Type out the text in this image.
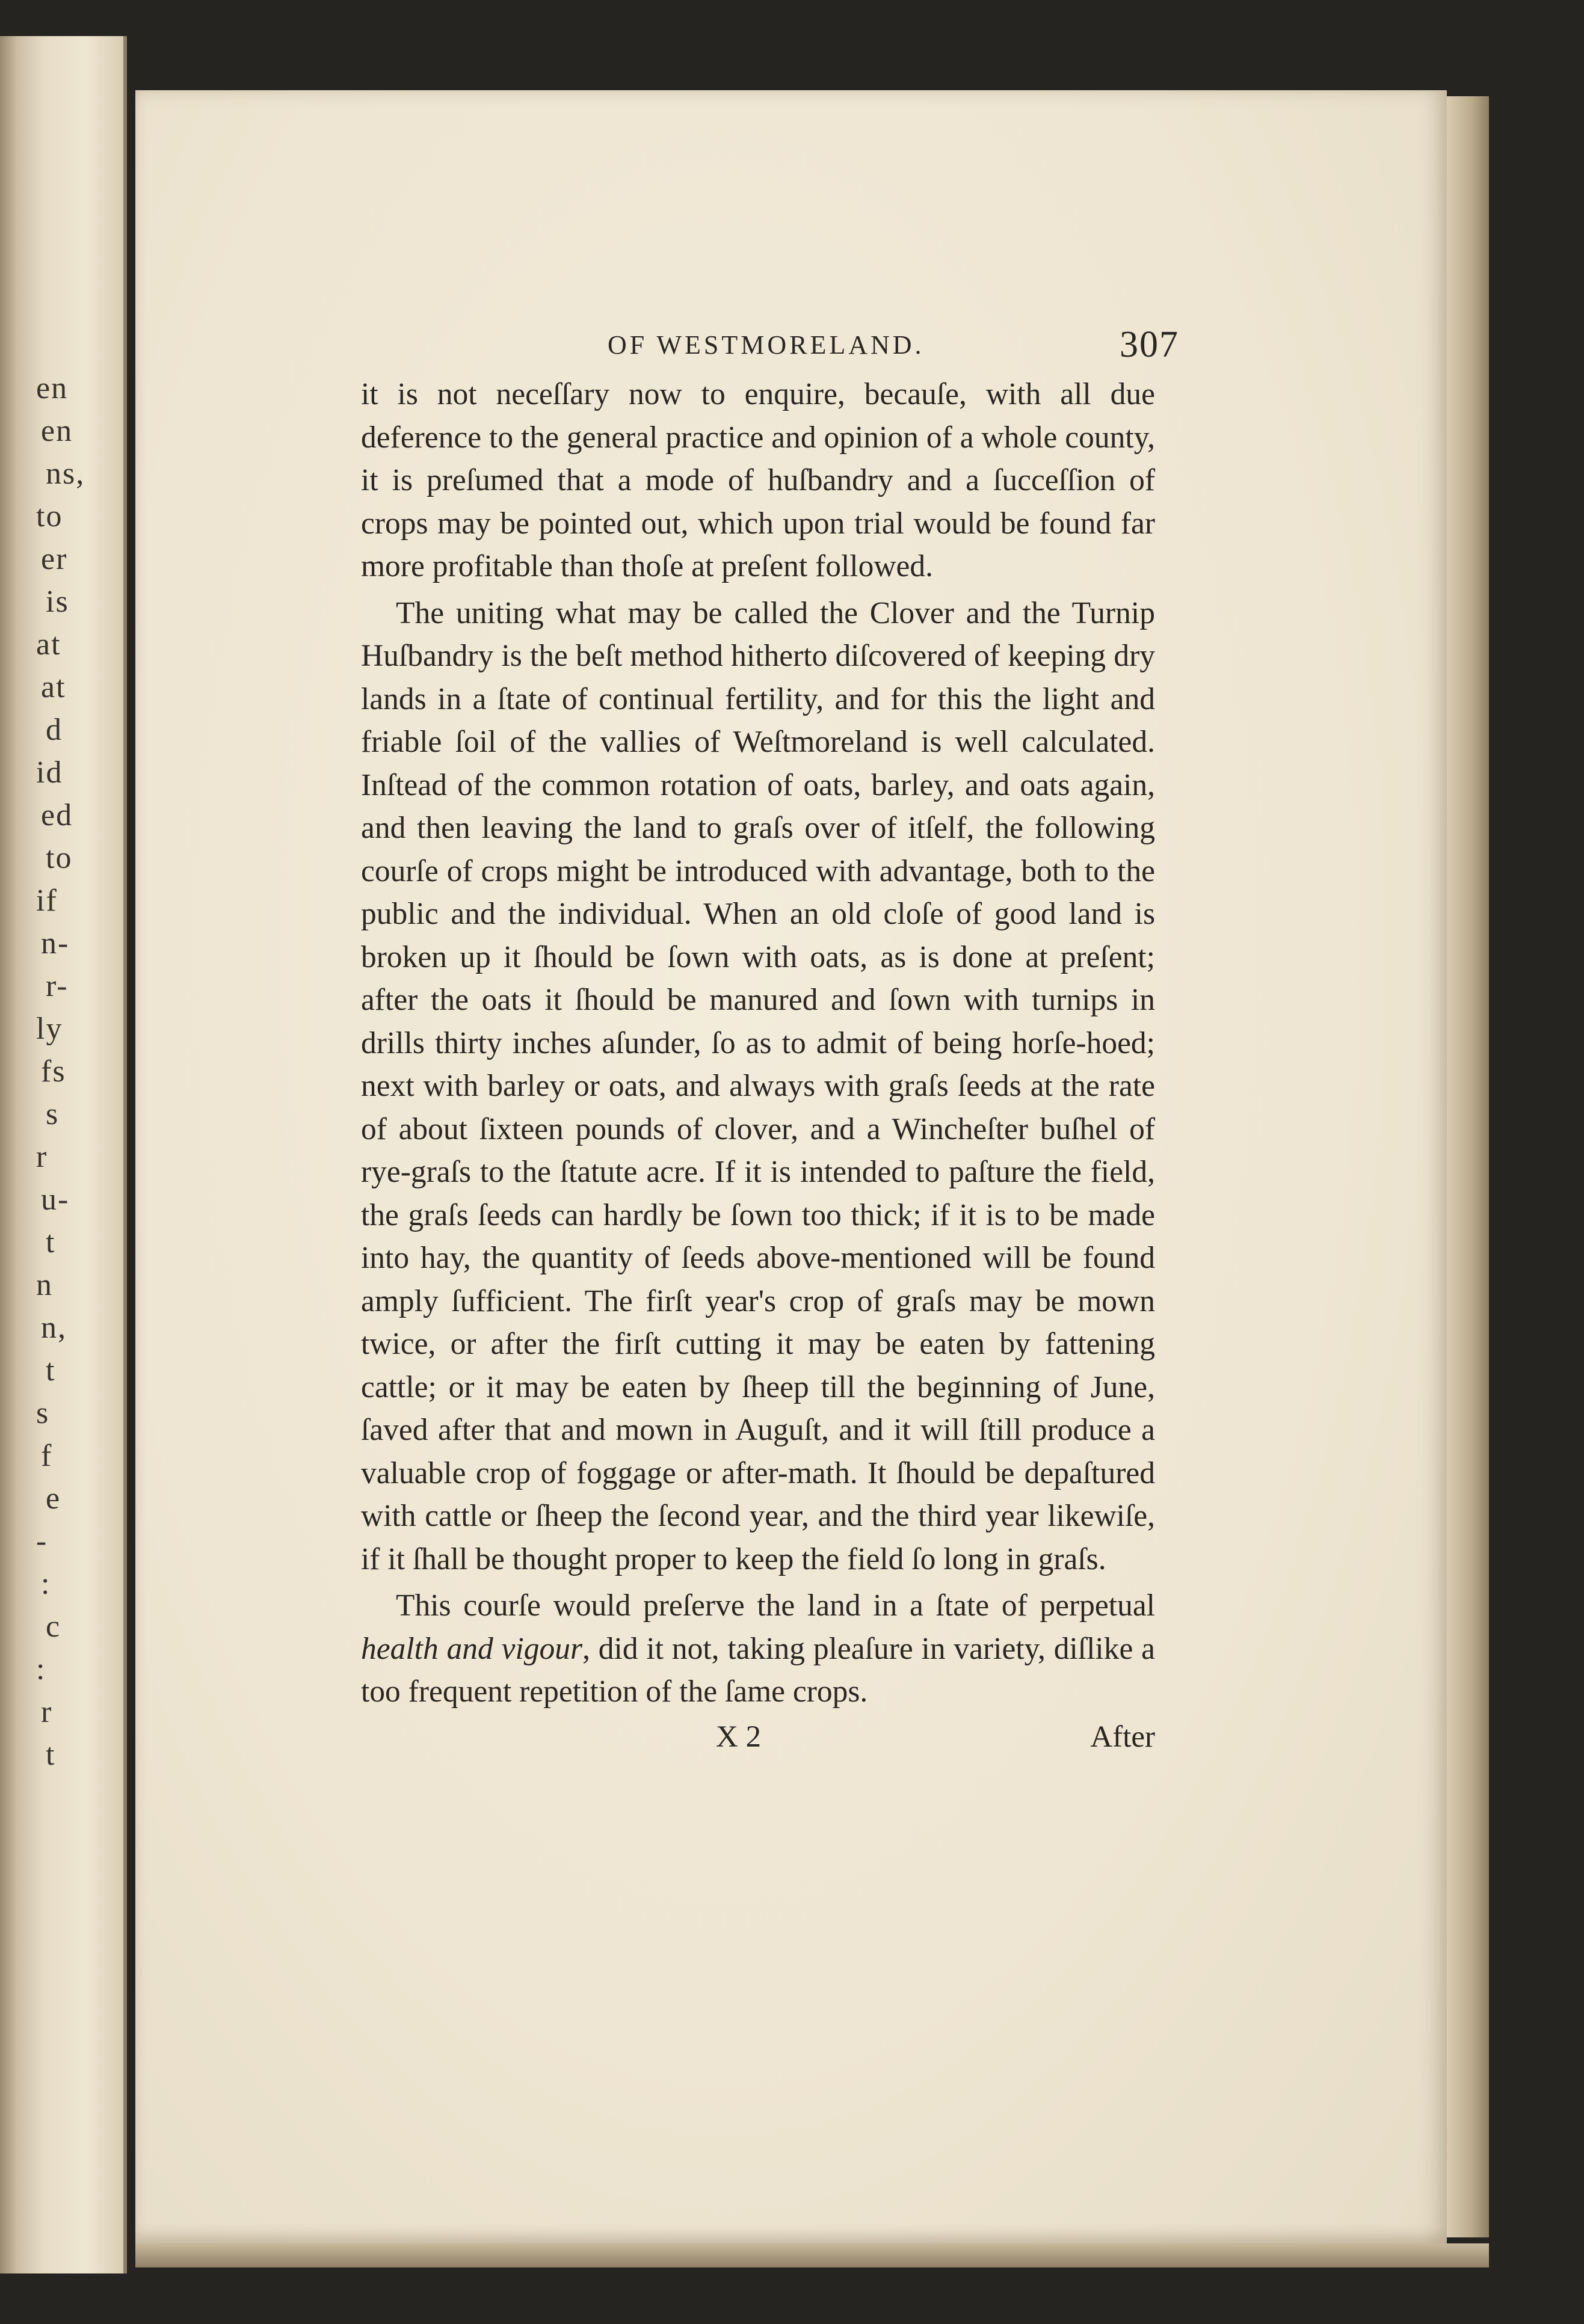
en
en
ns,
to
er
is
at
at
d
id
ed
to
if
n-
r-
ly
fs
s
r
u-
t
n
n,
t
s
f
e
-
:
c
:
r
t
OF WESTMORELAND.	307

it is not neceſſary now to enquire, becauſe, with all due deference to the general practice and opinion of a whole county, it is preſumed that a mode of huſbandry and a ſucceſſion of crops may be pointed out, which upon trial would be found far more profitable than thoſe at preſent followed.

The uniting what may be called the Clover and the Turnip Huſbandry is the beſt method hitherto diſcovered of keeping dry lands in a ſtate of continual fertility, and for this the light and friable ſoil of the vallies of Weſtmoreland is well calculated. Inſtead of the common rotation of oats, barley, and oats again, and then leaving the land to graſs over of itſelf, the following courſe of crops might be introduced with advantage, both to the public and the individual. When an old cloſe of good land is broken up it ſhould be ſown with oats, as is done at preſent; after the oats it ſhould be manured and ſown with turnips in drills thirty inches aſunder, ſo as to admit of being horſe-hoed; next with barley or oats, and always with graſs ſeeds at the rate of about ſixteen pounds of clover, and a Wincheſter buſhel of rye-graſs to the ſtatute acre. If it is intended to paſture the field, the graſs ſeeds can hardly be ſown too thick; if it is to be made into hay, the quantity of ſeeds above-mentioned will be found amply ſufficient. The firſt year's crop of graſs may be mown twice, or after the firſt cutting it may be eaten by fattening cattle; or it may be eaten by ſheep till the beginning of June, ſaved after that and mown in Auguſt, and it will ſtill produce a valuable crop of foggage or after-math. It ſhould be depaſtured with cattle or ſheep the ſecond year, and the third year likewiſe, if it ſhall be thought proper to keep the field ſo long in graſs.

This courſe would preſerve the land in a ſtate of perpetual health and vigour, did it not, taking pleaſure in variety, diſlike a too frequent repetition of the ſame crops.

X 2	After
